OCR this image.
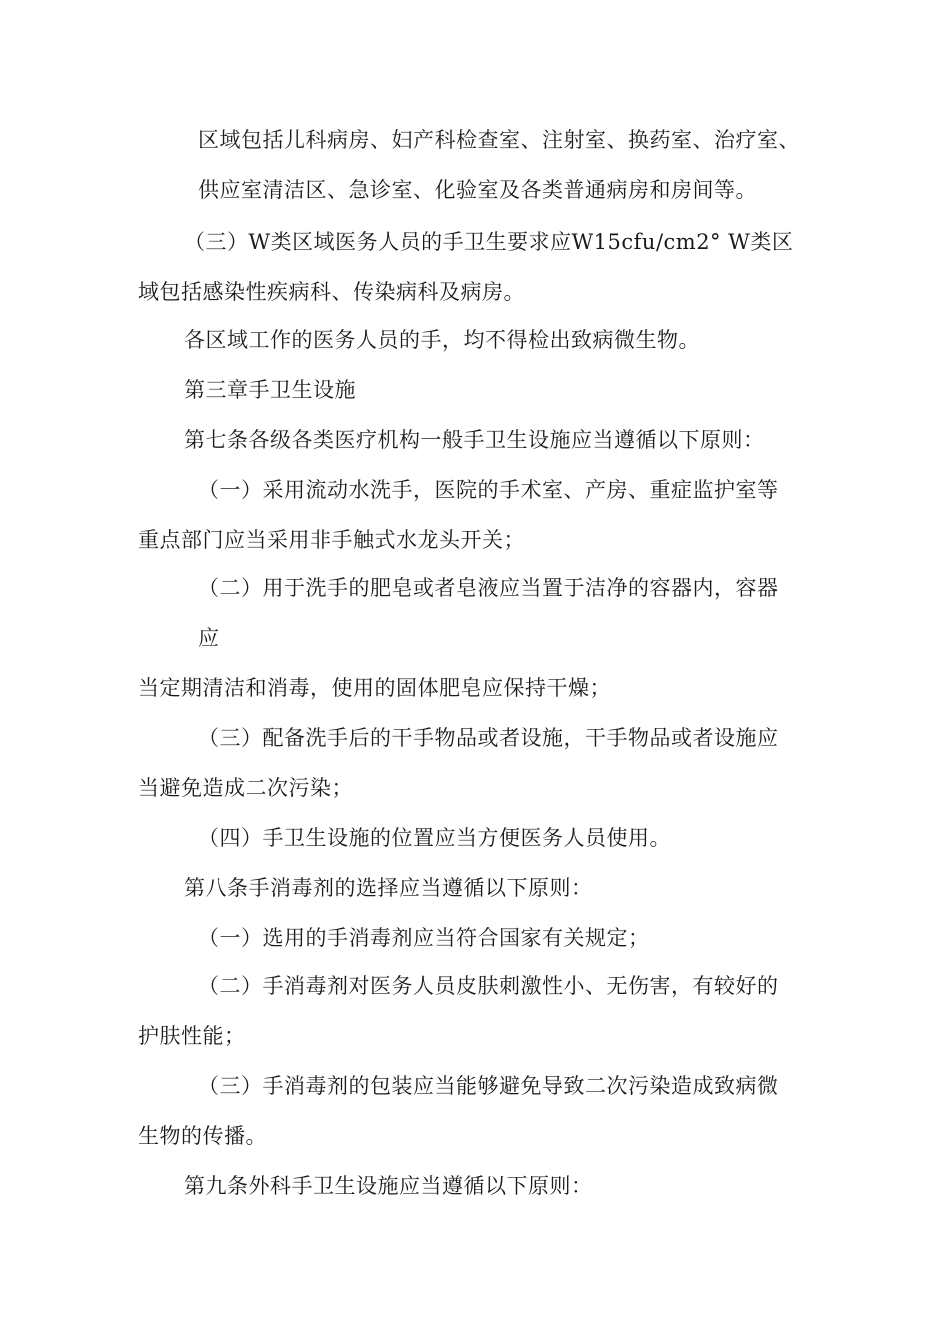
区域包括儿科病房、妇产科检查室、注射室、换药室、治疗室、
供应室清洁区、急诊室、化验室及各类普通病房和房间等。
（三）W类区域医务人员的手卫生要求应W15cfu/cm2° W类区
域包括感染性疾病科、传染病科及病房。
各区域工作的医务人员的手，均不得检出致病微生物。
第三章手卫生设施
第七条各级各类医疗机构一般手卫生设施应当遵循以下原则：
（一）采用流动水洗手，医院的手术室、产房、重症监护室等
重点部门应当采用非手触式水龙头开关；
（二）用于洗手的肥皂或者皂液应当置于洁净的容器内，容器
应
当定期清洁和消毒，使用的固体肥皂应保持干燥；
（三）配备洗手后的干手物品或者设施，干手物品或者设施应
当避免造成二次污染；
（四）手卫生设施的位置应当方便医务人员使用。
第八条手消毒剂的选择应当遵循以下原则：
（一）选用的手消毒剂应当符合国家有关规定；
（二）手消毒剂对医务人员皮肤刺激性小、无伤害，有较好的
护肤性能；
（三）手消毒剂的包装应当能够避免导致二次污染造成致病微
生物的传播。
第九条外科手卫生设施应当遵循以下原则：
